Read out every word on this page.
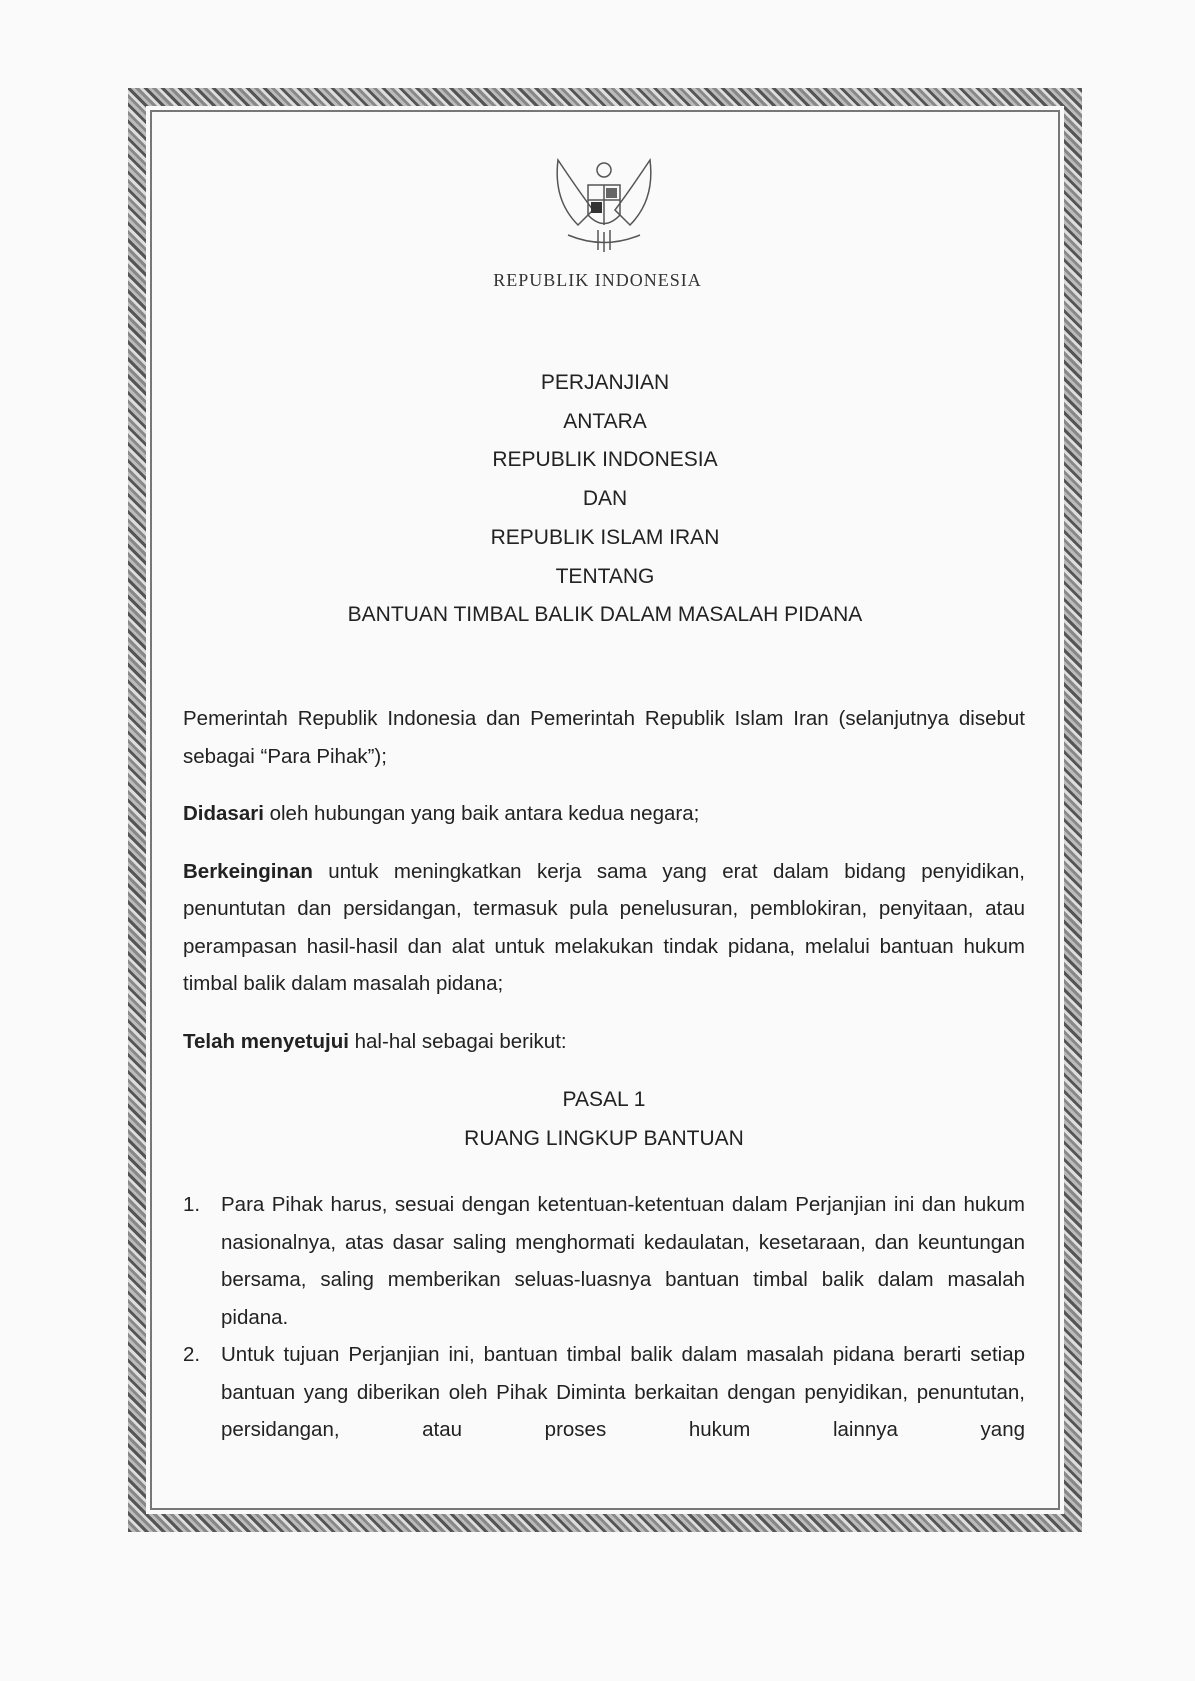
REPUBLIK INDONESIA
PERJANJIAN
ANTARA
REPUBLIK INDONESIA
DAN
REPUBLIK ISLAM IRAN
TENTANG
BANTUAN TIMBAL BALIK DALAM MASALAH PIDANA

Pemerintah Republik Indonesia dan Pemerintah Republik Islam Iran (selanjutnya disebut sebagai “Para Pihak”);

Didasari oleh hubungan yang baik antara kedua negara;

Berkeinginan untuk meningkatkan kerja sama yang erat dalam bidang penyidikan, penuntutan dan persidangan, termasuk pula penelusuran, pemblokiran, penyitaan, atau perampasan hasil-hasil dan alat untuk melakukan tindak pidana, melalui bantuan hukum timbal balik dalam masalah pidana;

Telah menyetujui hal-hal sebagai berikut:

PASAL 1
RUANG LINGKUP BANTUAN
1.	Para Pihak harus, sesuai dengan ketentuan-ketentuan dalam Perjanjian ini dan hukum nasionalnya, atas dasar saling menghormati kedaulatan, kesetaraan, dan keuntungan bersama, saling memberikan seluas-luasnya bantuan timbal balik dalam masalah pidana.
2.	Untuk tujuan Perjanjian ini, bantuan timbal balik dalam masalah pidana berarti setiap bantuan yang diberikan oleh Pihak Diminta berkaitan dengan penyidikan, penuntutan, persidangan, atau proses hukum lainnya yang
